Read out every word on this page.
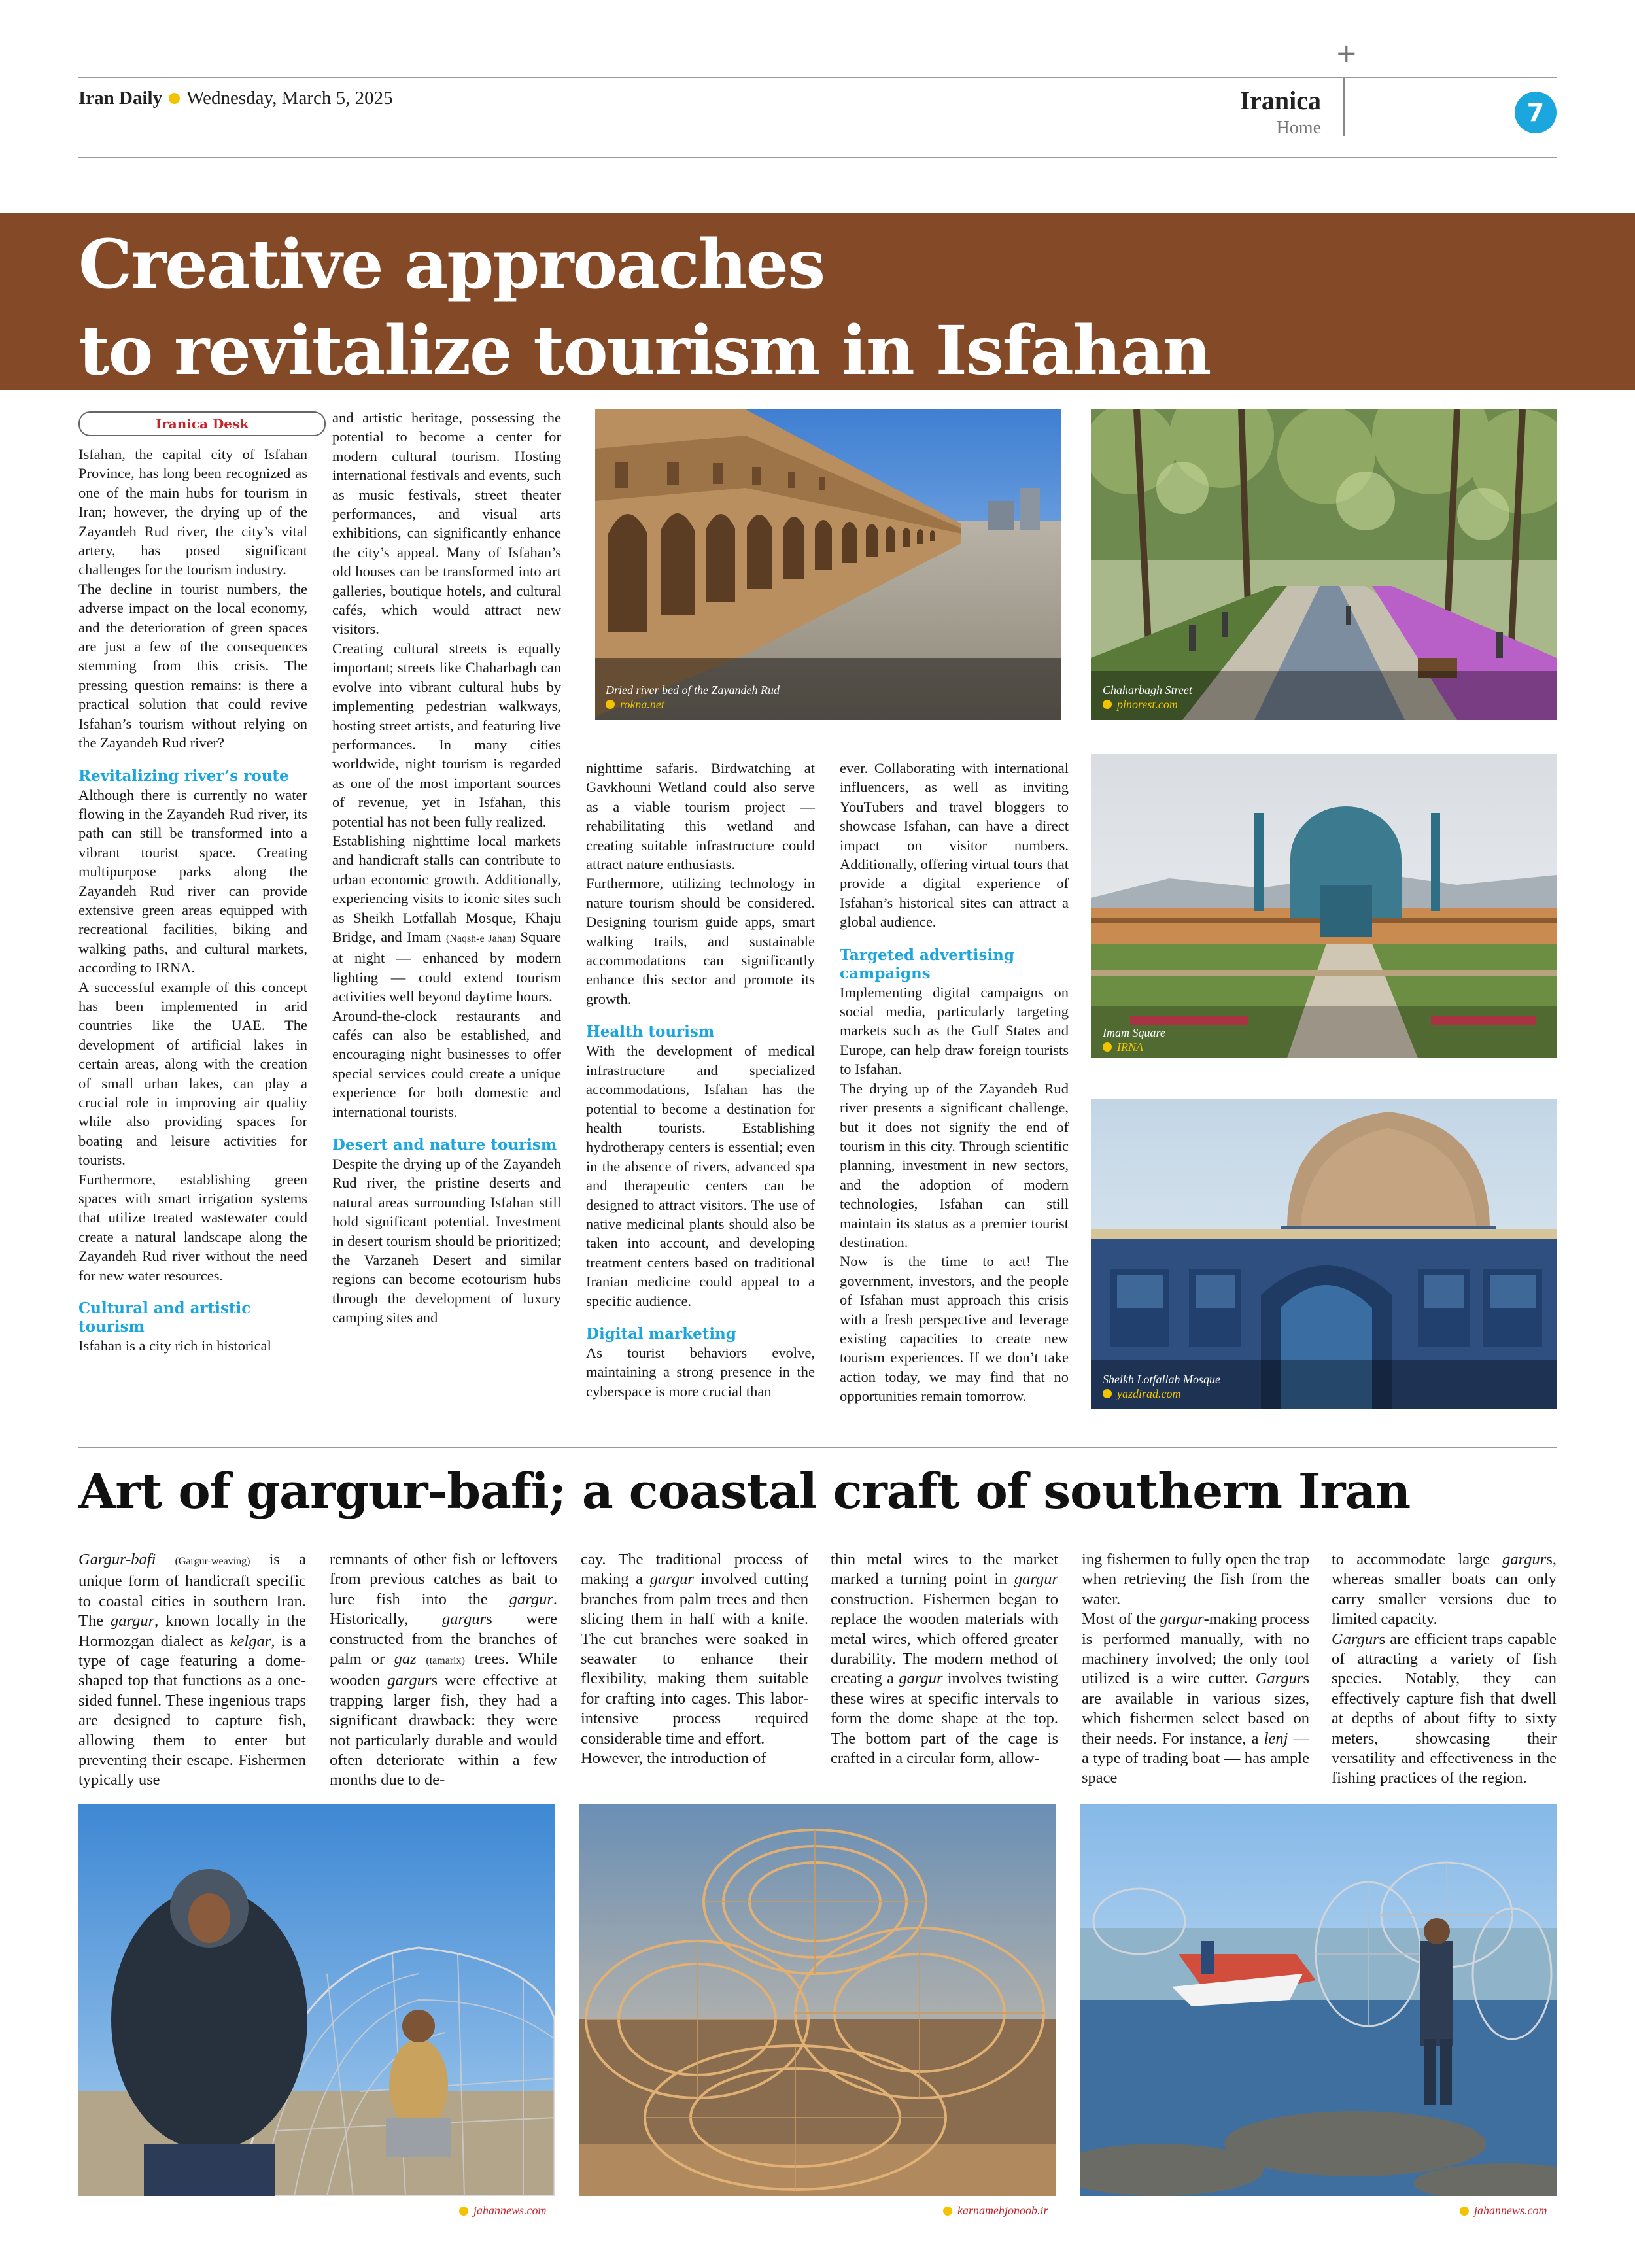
+
Iran Daily Wednesday, March 5, 2025	Iranica
Home
7
Creative approaches
to revitalize tourism in Isfahan
Iranica Desk

Isfahan, the capital city of Isfahan Province, has long been recognized as one of the main hubs for tourism in Iran; however, the drying up of the Zayandeh Rud river, the city’s vital artery, has posed significant challenges for the tourism industry.

The decline in tourist numbers, the adverse impact on the local economy, and the deterioration of green spaces are just a few of the consequences stemming from this crisis. The pressing question remains: is there a practical solution that could revive Isfahan’s tourism without relying on the Zayandeh Rud river?

Revitalizing river’s route

Although there is currently no water flowing in the Zayandeh Rud river, its path can still be transformed into a vibrant tourist space. Creating multipurpose parks along the Zayandeh Rud river can provide extensive green areas equipped with recreational facilities, biking and walking paths, and cultural markets, according to IRNA.

A successful example of this concept has been implemented in arid countries like the UAE. The development of artificial lakes in certain areas, along with the creation of small urban lakes, can play a crucial role in improving air quality while also providing spaces for boating and leisure activities for tourists.

Furthermore, establishing green spaces with smart irrigation systems that utilize treated wastewater could create a natural landscape along the Zayandeh Rud river without the need for new water resources.

Cultural and artistic tourism

Isfahan is a city rich in historical

and artistic heritage, possessing the potential to become a center for modern cultural tourism. Hosting international festivals and events, such as music festivals, street theater performances, and visual arts exhibitions, can significantly enhance the city’s appeal. Many of Isfahan’s old houses can be transformed into art galleries, boutique hotels, and cultural cafés, which would attract new visitors.

Creating cultural streets is equally important; streets like Chaharbagh can evolve into vibrant cultural hubs by implementing pedestrian walkways, hosting street artists, and featuring live performances. In many cities worldwide, night tourism is regarded as one of the most important sources of revenue, yet in Isfahan, this potential has not been fully realized.

Establishing nighttime local markets and handicraft stalls can contribute to urban economic growth. Additionally, experiencing visits to iconic sites such as Sheikh Lotfallah Mosque, Khaju Bridge, and Imam (Naqsh-e Jahan) Square at night — enhanced by modern lighting — could extend tourism activities well beyond daytime hours.

Around-the-clock restaurants and cafés can also be established, and encouraging night businesses to offer special services could create a unique experience for both domestic and international tourists.

Desert and nature tourism

Despite the drying up of the Zayandeh Rud river, the pristine deserts and natural areas surrounding Isfahan still hold significant potential. Investment in desert tourism should be prioritized; the Varzaneh Desert and similar regions can become ecotourism hubs through the development of luxury camping sites and

nighttime safaris. Birdwatching at Gavkhouni Wetland could also serve as a viable tourism project — rehabilitating this wetland and creating suitable infrastructure could attract nature enthusiasts.

Furthermore, utilizing technology in nature tourism should be considered. Designing tourism guide apps, smart walking trails, and sustainable accommodations can significantly enhance this sector and promote its growth.

Health tourism

With the development of medical infrastructure and specialized accommodations, Isfahan has the potential to become a destination for health tourists. Establishing hydrotherapy centers is essential; even in the absence of rivers, advanced spa and therapeutic centers can be designed to attract visitors. The use of native medicinal plants should also be taken into account, and developing treatment centers based on traditional Iranian medicine could appeal to a specific audience.

Digital marketing

As tourist behaviors evolve, maintaining a strong presence in the cyberspace is more crucial than

ever. Collaborating with international influencers, as well as inviting YouTubers and travel bloggers to showcase Isfahan, can have a direct impact on visitor numbers. Additionally, offering virtual tours that provide a digital experience of Isfahan’s historical sites can attract a global audience.

Targeted advertising campaigns

Implementing digital campaigns on social media, particularly targeting markets such as the Gulf States and Europe, can help draw foreign tourists to Isfahan.

The drying up of the Zayandeh Rud river presents a significant challenge, but it does not signify the end of tourism in this city. Through scientific planning, investment in new sectors, and the adoption of modern technologies, Isfahan can still maintain its status as a premier tourist destination.

Now is the time to act! The government, investors, and the people of Isfahan must approach this crisis with a fresh perspective and leverage existing capacities to create new tourism experiences. If we don’t take action today, we may find that no opportunities remain tomorrow.

Dried river bed of the Zayandeh Rud
rokna.net
Chaharbagh Street
pinorest.com
Imam Square
IRNA
Sheikh Lotfallah Mosque
yazdirad.com
Art of gargur-bafi; a coastal craft of southern Iran

Gargur-bafi (Gargur-weaving) is a unique form of handicraft specific to coastal cities in southern Iran. The gargur, known locally in the Hormozgan dialect as kelgar, is a type of cage featuring a dome-shaped top that functions as a one-sided funnel. These ingenious traps are designed to capture fish, allowing them to enter but preventing their escape. Fishermen typically use

remnants of other fish or leftovers from previous catches as bait to lure fish into the gargur. Historically, gargurs were constructed from the branches of palm or gaz (tamarix) trees. While wooden gargurs were effective at trapping larger fish, they had a significant drawback: they were not particularly durable and would often deteriorate within a few months due to de-

cay. The traditional process of making a gargur involved cutting branches from palm trees and then slicing them in half with a knife. The cut branches were soaked in seawater to enhance their flexibility, making them suitable for crafting into cages. This labor-intensive process required considerable time and effort.

However, the introduction of

thin metal wires to the market marked a turning point in gargur construction. Fishermen began to replace the wooden materials with metal wires, which offered greater durability. The modern method of creating a gargur involves twisting these wires at specific intervals to form the dome shape at the top. The bottom part of the cage is crafted in a circular form, allow-

ing fishermen to fully open the trap when retrieving the fish from the water.

Most of the gargur-making process is performed manually, with no machinery involved; the only tool utilized is a wire cutter. Gargurs are available in various sizes, which fishermen select based on their needs. For instance, a lenj — a type of trading boat — has ample space

to accommodate large gargurs, whereas smaller boats can only carry smaller versions due to limited capacity.

Gargurs are efficient traps capable of attracting a variety of fish species. Notably, they can effectively capture fish that dwell at depths of about fifty to sixty meters, showcasing their versatility and effectiveness in the fishing practices of the region.

jahannews.com	karnamehjonoob.ir	jahannews.com
